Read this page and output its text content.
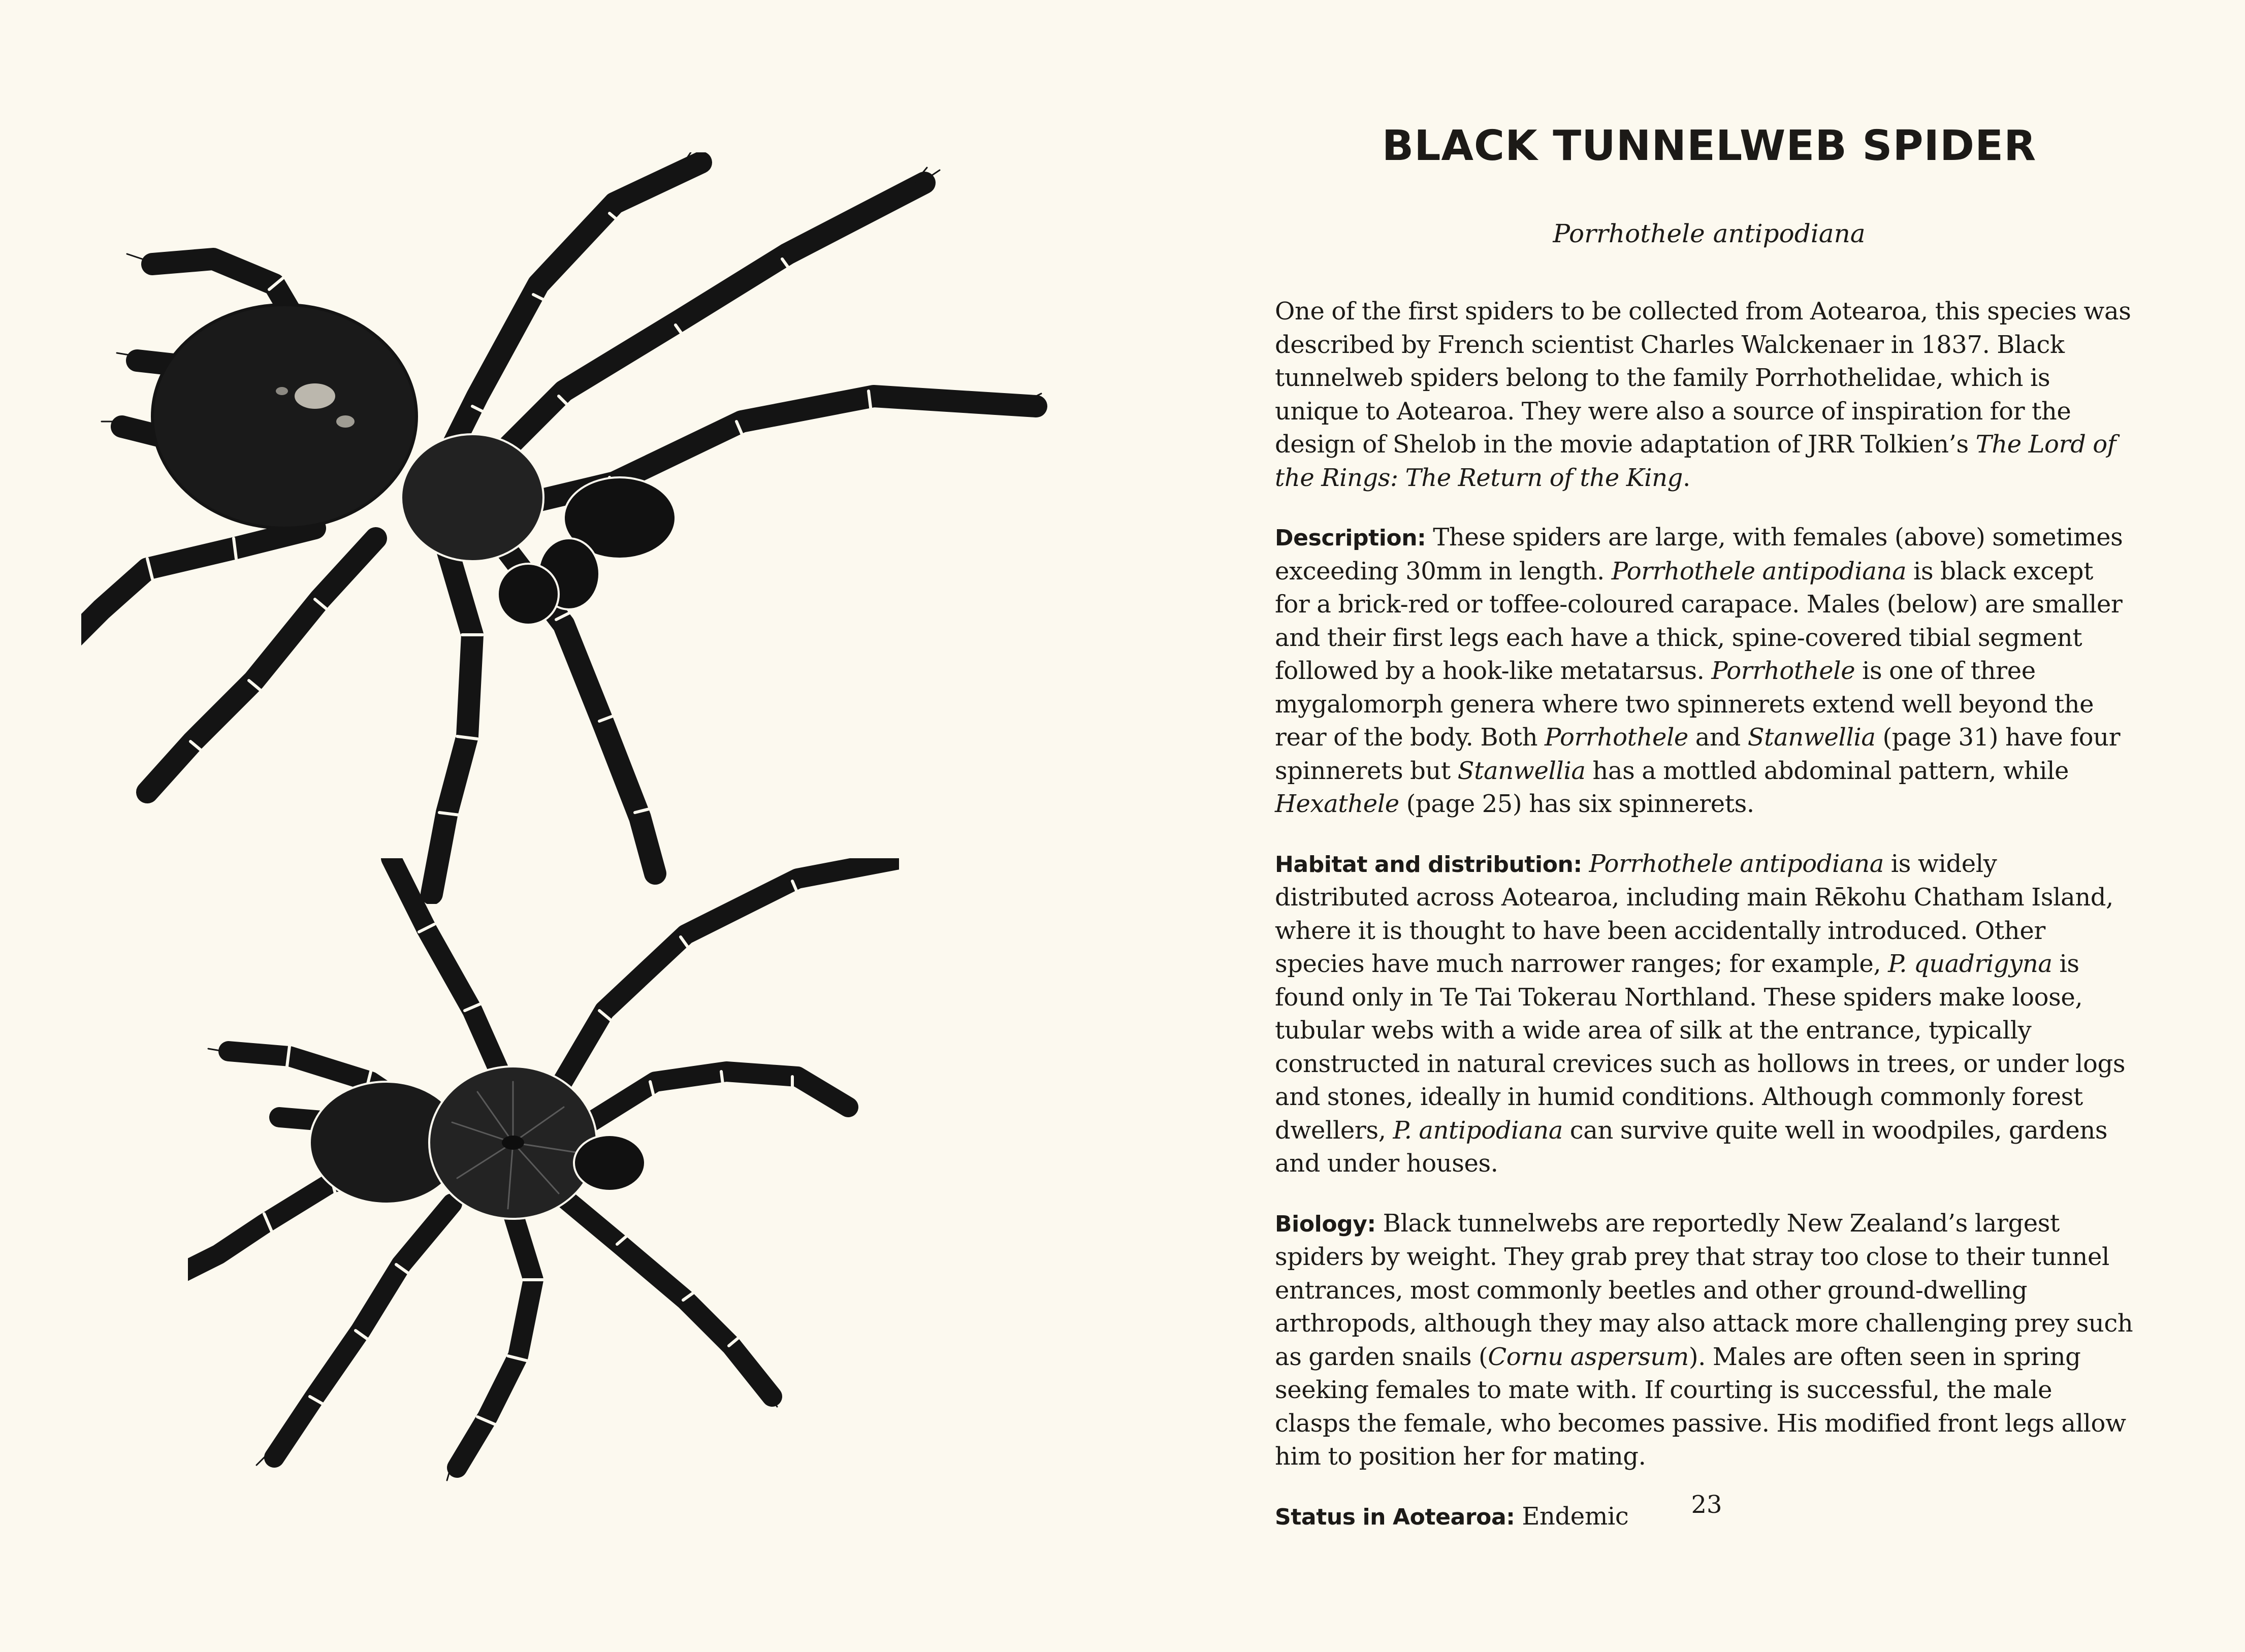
BLACK TUNNELWEB SPIDER
Porrhothele antipodiana

One of the first spiders to be collected from Aotearoa, this species was described by French scientist Charles Walckenaer in 1837. Black tunnelweb spiders belong to the family Porrhothelidae, which is unique to Aotearoa. They were also a source of inspiration for the design of Shelob in the movie adaptation of JRR Tolkien’s The Lord of the Rings: The Return of the King.

Description: These spiders are large, with females (above) sometimes exceeding 30mm in length. Porrhothele antipodiana is black except for a brick-red or toffee-coloured carapace. Males (below) are smaller and their first legs each have a thick, spine-covered tibial segment followed by a hook-like metatarsus. Porrhothele is one of three mygalomorph genera where two spinnerets extend well beyond the rear of the body. Both Porrhothele and Stanwellia (page 31) have four spinnerets but Stanwellia has a mottled abdominal pattern, while Hexathele (page 25) has six spinnerets.

Habitat and distribution: Porrhothele antipodiana is widely distributed across Aotearoa, including main Rēkohu Chatham Island, where it is thought to have been accidentally introduced. Other species have much narrower ranges; for example, P. quadrigyna is found only in Te Tai Tokerau Northland. These spiders make loose, tubular webs with a wide area of silk at the entrance, typically constructed in natural crevices such as hollows in trees, or under logs and stones, ideally in humid conditions. Although commonly forest dwellers, P. antipodiana can survive quite well in woodpiles, gardens and under houses.

Biology: Black tunnelwebs are reportedly New Zealand’s largest spiders by weight. They grab prey that stray too close to their tunnel entrances, most commonly beetles and other ground-dwelling arthropods, although they may also attack more challenging prey such as garden snails (Cornu aspersum). Males are often seen in spring seeking females to mate with. If courting is successful, the male clasps the female, who becomes passive. His modified front legs allow him to position her for mating.

Status in Aotearoa: Endemic	23
